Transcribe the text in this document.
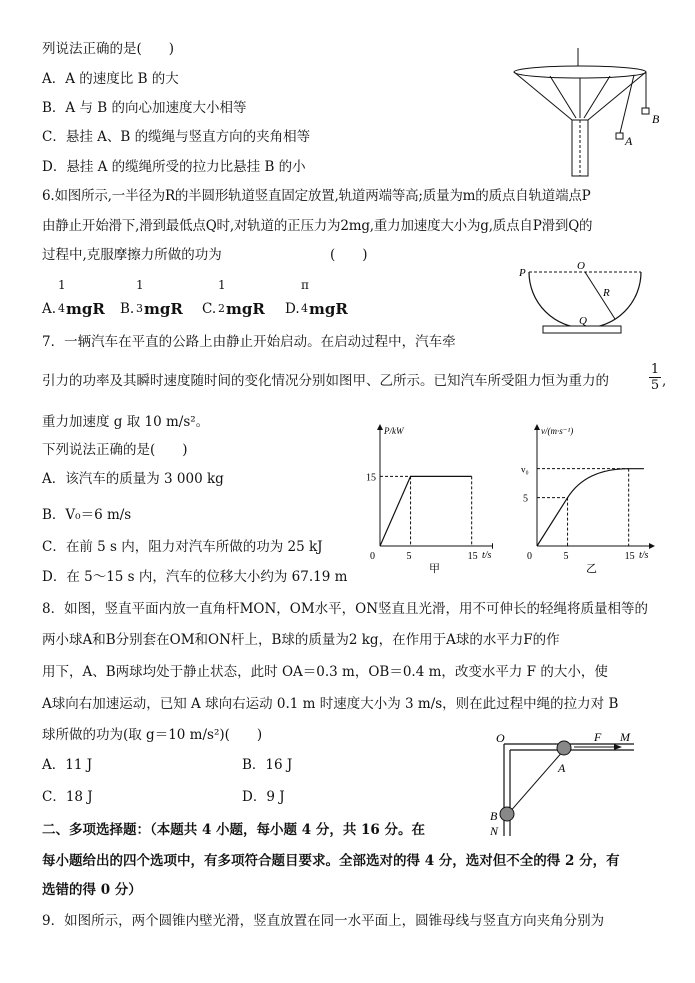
列说法正确的是(　　)
A．A 的速度比 B 的大
B．A 与 B 的向心加速度大小相等
C．悬挂 A、B 的缆绳与竖直方向的夹角相等
D．悬挂 A 的缆绳所受的拉力比悬挂 B 的小
A
B
6.如图所示,一半径为R的半圆形轨道竖直固定放置,轨道两端等高;质量为m的质点自轨道端点P
由静止开始滑下,滑到最低点Q时,对轨道的正压力为2mg,重力加速度大小为g,质点自P滑到Q的
过程中,克服摩擦力所做的功为	(　　)
A.
1
4 mgR B.
1
3 mgR C.
1
2 mgR D.
π
4 mgR
P
O
R
Q
7．一辆汽车在平直的公路上由静止开始启动。在启动过程中，汽车牵
引力的功率及其瞬时速度随时间的变化情况分别如图甲、乙所示。已知汽车所受阻力恒为重力的
1
5 ,
重力加速度 g 取 10 m/s²。
下列说法正确的是(　　)
A．该汽车的质量为 3 000 kg
B．V₀＝6 m/s
C．在前 5 s 内，阻力对汽车所做的功为 25 kJ
D．在 5～15 s 内，汽车的位移大小约为 67.19 m
P/kW
t/s
甲
0	5	15
15
v/(m·s⁻¹)
t/s
乙
0	5	15
5
v₀
8．如图，竖直平面内放一直角杆MON，OM水平，ON竖直且光滑，用不可伸长的轻绳将质量相等的
两小球A和B分别套在OM和ON杆上，B球的质量为2 kg，在作用于A球的水平力F的作
用下，A、B两球均处于静止状态，此时 OA＝0.3 m，OB＝0.4 m，改变水平力 F 的大小，使
A球向右加速运动，已知 A 球向右运动 0.1 m 时速度大小为 3 m/s，则在此过程中绳的拉力对 B
球所做的功为(取 g＝10 m/s²)(　　)
A．11 J	B．16 J
C．18 J	D．9 J
O	F M
A
B
N
二、多项选择题：（本题共 4 小题，每小题 4 分，共 16 分。在
每小题给出的四个选项中，有多项符合题目要求。全部选对的得 4 分，选对但不全的得 2 分，有
选错的得 0 分）
9．如图所示，两个圆锥内壁光滑，竖直放置在同一水平面上，圆锥母线与竖直方向夹角分别为
